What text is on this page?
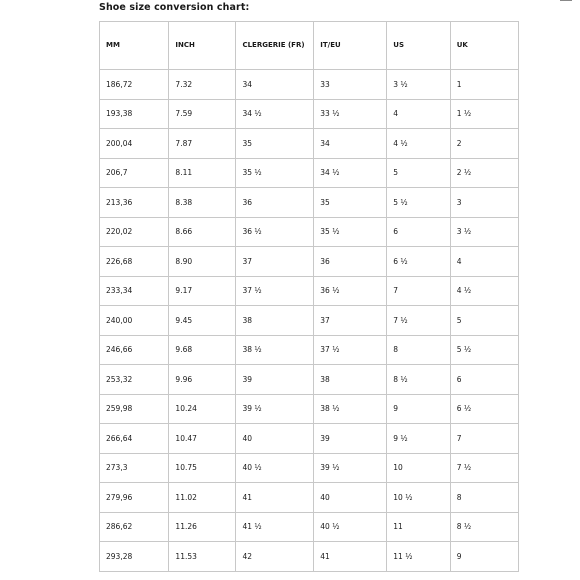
Shoe size conversion chart:
MM	INCH	CLERGERIE (FR)	IT/EU	US	UK
186,72	7.32	34	33	3 ½	1
193,38	7.59	34 ½	33 ½	4	1 ½
200,04	7.87	35	34	4 ½	2
206,7	8.11	35 ½	34 ½	5	2 ½
213,36	8.38	36	35	5 ½	3
220,02	8.66	36 ½	35 ½	6	3 ½
226,68	8.90	37	36	6 ½	4
233,34	9.17	37 ½	36 ½	7	4 ½
240,00	9.45	38	37	7 ½	5
246,66	9.68	38 ½	37 ½	8	5 ½
253,32	9.96	39	38	8 ½	6
259,98	10.24	39 ½	38 ½	9	6 ½
266,64	10.47	40	39	9 ½	7
273,3	10.75	40 ½	39 ½	10	7 ½
279,96	11.02	41	40	10 ½	8
286,62	11.26	41 ½	40 ½	11	8 ½
293,28	11.53	42	41	11 ½	9
